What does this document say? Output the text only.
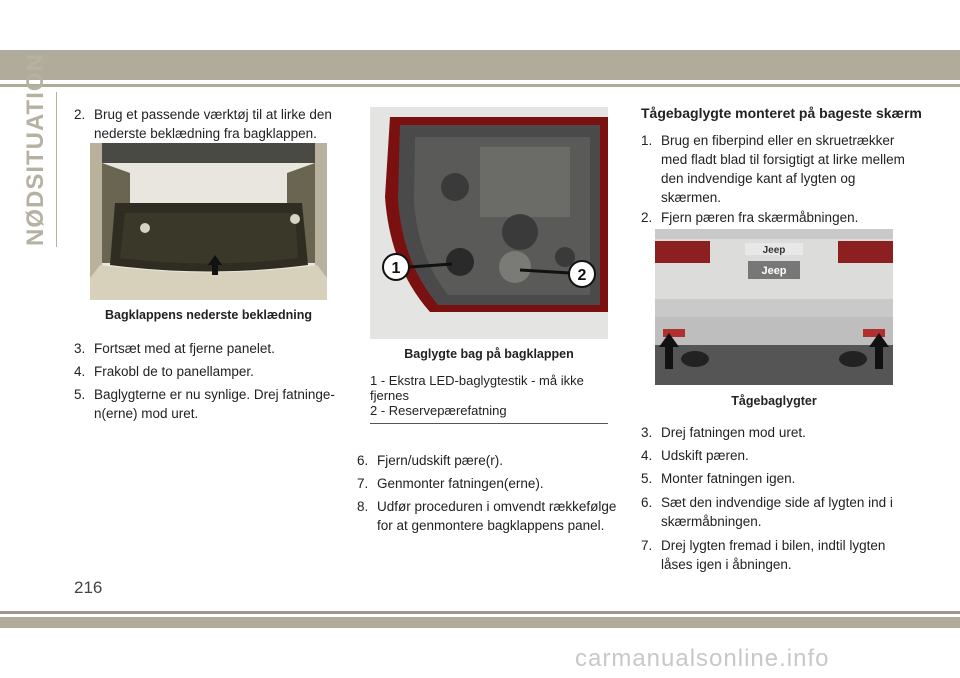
NØDSITUATION 2. Brug et passende værktøj til at lirke den
nederste beklædning fra bagklappen.
Bagklappens nederste beklædning
3. Fortsæt med at fjerne panelet.
4. Frakobl de to panellamper.
5. Baglygterne er nu synlige. Drej fatninge-
n(erne) mod uret.
1	2
Baglygte bag på bagklappen
1 - Ekstra LED-baglygtestik - må ikke
fjernes
2 - Reservepærefatning
6. Fjern/udskift pære(r).
7. Genmonter fatningen(erne).
8. Udfør proceduren i omvendt rækkefølge
for at genmontere bagklappens panel.
Tågebaglygte monteret på bageste skærm
1. Brug en fiberpind eller en skruetrækker
med fladt blad til forsigtigt at lirke mellem
den indvendige kant af lygten og
skærmen.
2. Fjern pæren fra skærmåbningen.
Jeep
Jeep
Tågebaglygter
3. Drej fatningen mod uret.
4. Udskift pæren.
5. Monter fatningen igen.
6. Sæt den indvendige side af lygten ind i
skærmåbningen.
7. Drej lygten fremad i bilen, indtil lygten
låses igen i åbningen.
216
carmanualsonline.info
